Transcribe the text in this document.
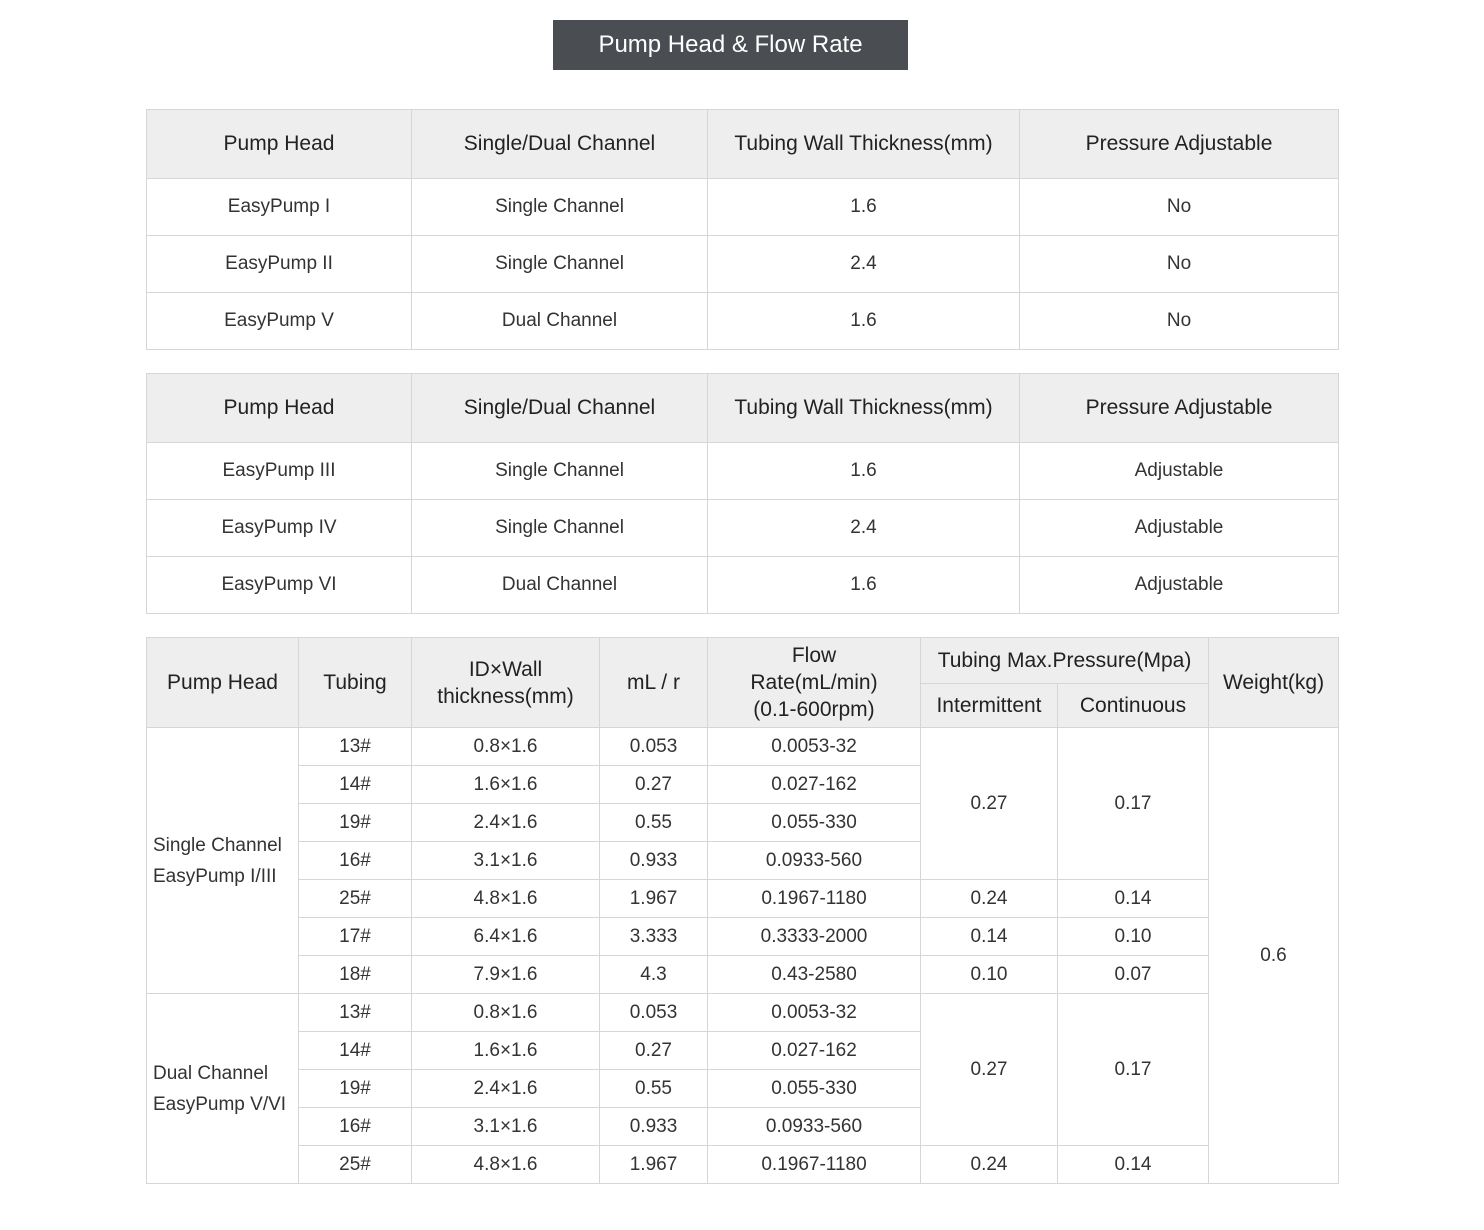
Pump Head & Flow Rate
Pump Head	Single/Dual Channel	Tubing Wall Thickness(mm)	Pressure Adjustable
EasyPump I	Single Channel	1.6	No
EasyPump II	Single Channel	2.4	No
EasyPump V	Dual Channel	1.6	No
Pump Head	Single/Dual Channel	Tubing Wall Thickness(mm)	Pressure Adjustable
EasyPump III	Single Channel	1.6	Adjustable
EasyPump IV	Single Channel	2.4	Adjustable
EasyPump VI	Dual Channel	1.6	Adjustable
Pump Head	Tubing	ID×Wall thickness(mm)	mL / r	Flow Rate(mL/min) (0.1-600rpm)	Tubing Max.Pressure(Mpa)		Weight(kg)
					Intermittent	Continuous	
Single Channel EasyPump I/III	13#	0.8×1.6	0.053	0.0053-32	0.27	0.17	0.6
	14#	1.6×1.6	0.27	0.027-162			
	19#	2.4×1.6	0.55	0.055-330			
	16#	3.1×1.6	0.933	0.0933-560			
	25#	4.8×1.6	1.967	0.1967-1180	0.24	0.14	
	17#	6.4×1.6	3.333	0.3333-2000	0.14	0.10	
	18#	7.9×1.6	4.3	0.43-2580	0.10	0.07	
Dual Channel EasyPump V/VI	13#	0.8×1.6	0.053	0.0053-32	0.27	0.17	
	14#	1.6×1.6	0.27	0.027-162			
	19#	2.4×1.6	0.55	0.055-330			
	16#	3.1×1.6	0.933	0.0933-560			
	25#	4.8×1.6	1.967	0.1967-1180	0.24	0.14	
